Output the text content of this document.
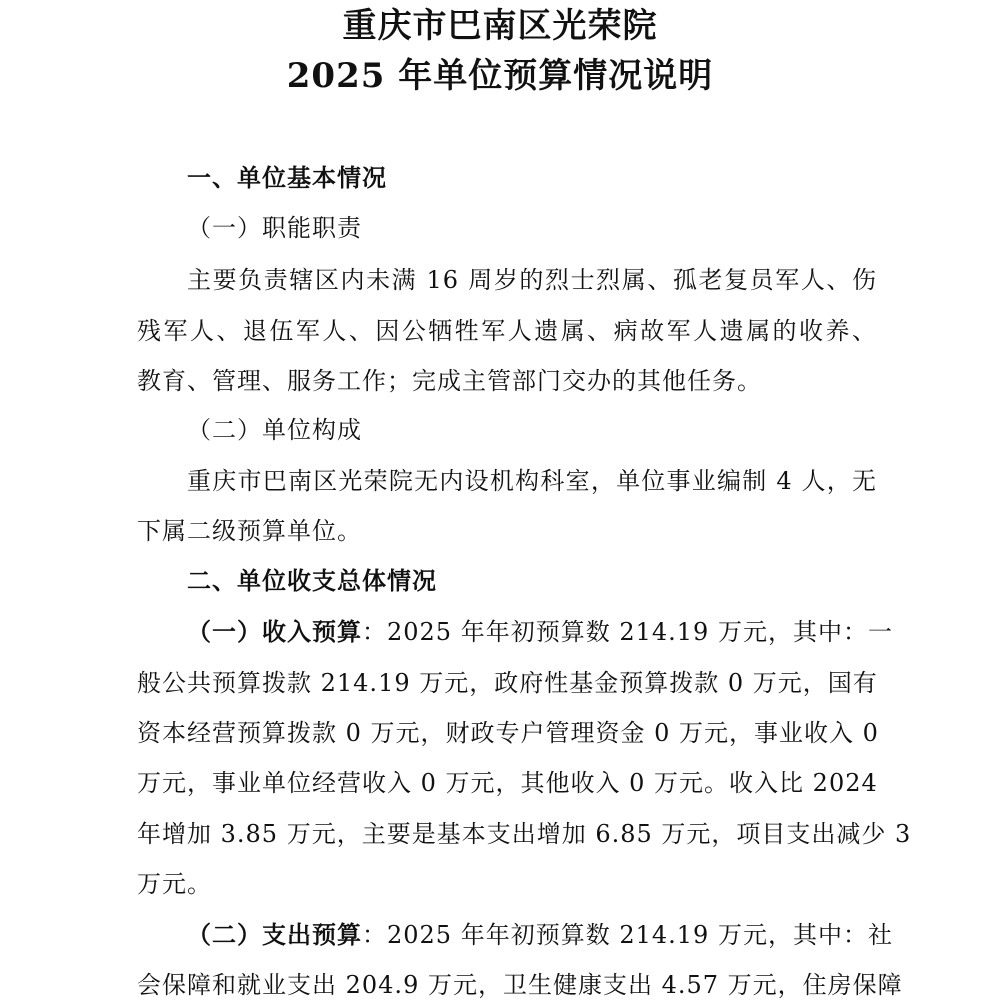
重庆市巴南区光荣院
2025 年单位预算情况说明
一、单位基本情况
（一）职能职责
主要负责辖区内未满 16 周岁的烈士烈属、孤老复员军人、伤
残军人、退伍军人、因公牺牲军人遗属、病故军人遗属的收养、
教育、管理、服务工作；完成主管部门交办的其他任务。
（二）单位构成
重庆市巴南区光荣院无内设机构科室，单位事业编制 4 人，无
下属二级预算单位。
二、单位收支总体情况
（一）收入预算：2025 年年初预算数 214.19 万元，其中：一
般公共预算拨款 214.19 万元，政府性基金预算拨款 0 万元，国有
资本经营预算拨款 0 万元，财政专户管理资金 0 万元，事业收入 0
万元，事业单位经营收入 0 万元，其他收入 0 万元。收入比 2024
年增加 3.85 万元，主要是基本支出增加 6.85 万元，项目支出减少 3
万元。
（二）支出预算：2025 年年初预算数 214.19 万元，其中：社
会保障和就业支出 204.9 万元，卫生健康支出 4.57 万元，住房保障
